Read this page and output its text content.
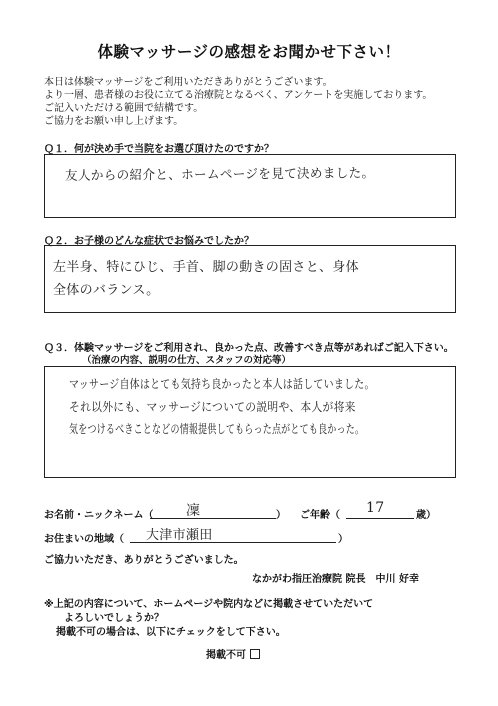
体験マッサージの感想をお聞かせ下さい！
本日は体験マッサージをご利用いただきありがとうございます。
より一層、患者様のお役に立てる治療院となるべく、アンケートを実施しております。
ご記入いただける範囲で結構です。
ご協力をお願い申し上げます。
Ｑ１．何が決め手で当院をお選び頂けたのですか？
友人からの紹介と、ホームページを見て決めました。
Ｑ２．お子様のどんな症状でお悩みでしたか？
左半身、特にひじ、手首、脚の動きの固さと、身体
全体のバランス。
Ｑ３．体験マッサージをご利用され、良かった点、改善すべき点等があればご記入下さい。
（治療の内容、説明の仕方、スタッフの対応等）
マッサージ自体はとても気持ち良かったと本人は話していました。
それ以外にも、マッサージについての説明や、本人が将来
気をつけるべきことなどの情報提供してもらった点がとても良かった。
お名前・ニックネーム（ 凜	） ご年齢（ 17	歳）
お住まいの地域（ 大津市瀬田	）
ご協力いただき、ありがとうございました。
なかがわ指圧治療院 院長　中川 好幸
※上記の内容について、ホームページや院内などに掲載させていただいて
よろしいでしょうか？
掲載不可の場合は、以下にチェックをして下さい。
掲載不可
